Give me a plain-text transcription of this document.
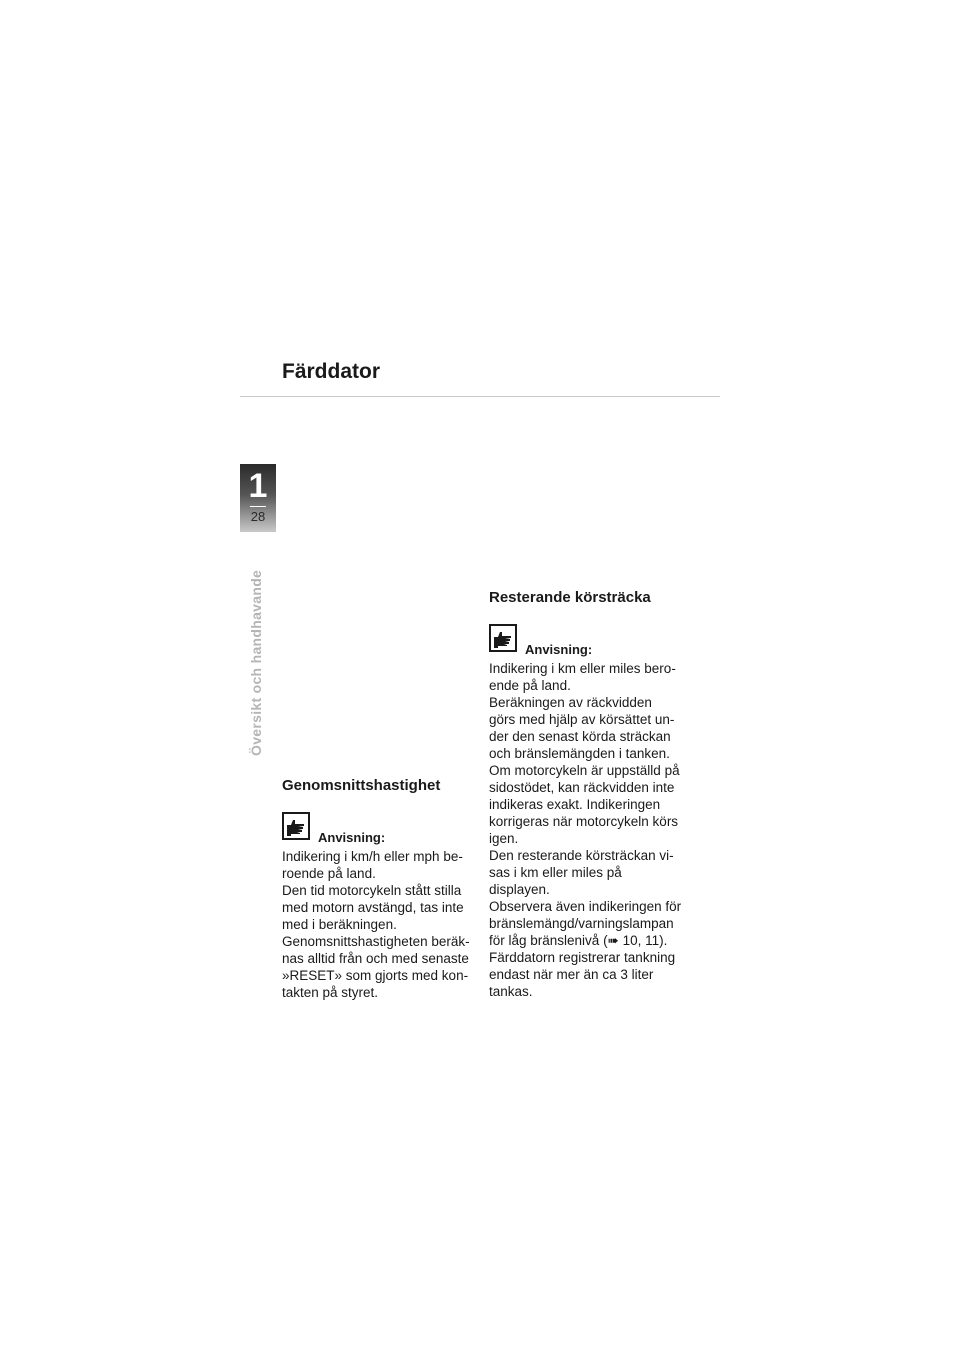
Färddator
1
28
Översikt och handhavande
Genomsnittshastighet
Anvisning:

Indikering i km/h eller mph be-
roende på land.
Den tid motorcykeln stått stilla
med motorn avstängd, tas inte
med i beräkningen.
Genomsnittshastigheten beräk-
nas alltid från och med senaste
»RESET» som gjorts med kon-
takten på styret.

Resterande körsträcka
Anvisning:

Indikering i km eller miles bero-
ende på land.
Beräkningen av räckvidden
görs med hjälp av körsättet un-
der den senast körda sträckan
och bränslemängden i tanken.
Om motorcykeln är uppställd på
sidostödet, kan räckvidden inte
indikeras exakt. Indikeringen
korrigeras när motorcykeln körs
igen.
Den resterande körsträckan vi-
sas i km eller miles på
displayen.
Observera även indikeringen för
bränslemängd/varningslampan
för låg bränslenivå (➠ 10, 11).
Färddatorn registrerar tankning
endast när mer än ca 3 liter
tankas.
